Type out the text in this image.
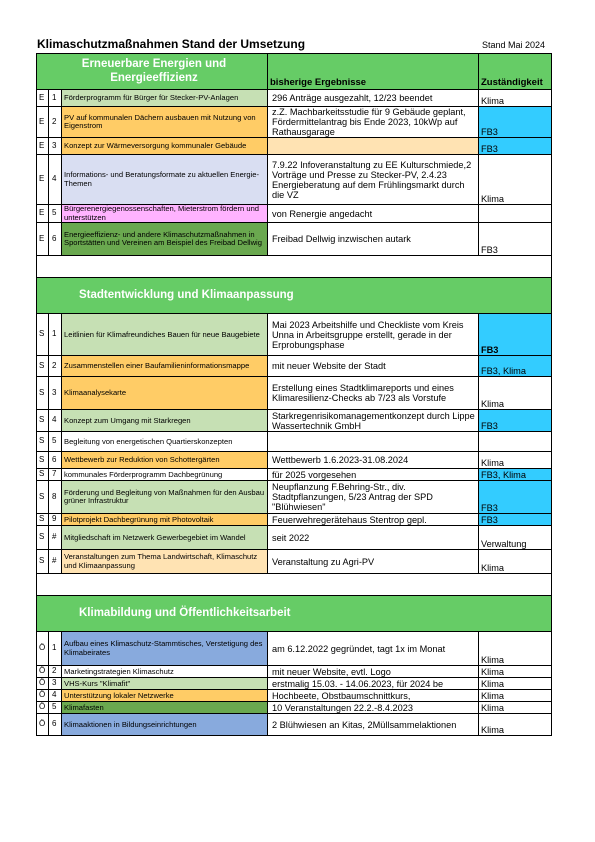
Klimaschutzmaßnahmen Stand der Umsetzung	Stand Mai 2024
Erneuerbare Energien und Energieeffizienz			bisherige Ergebnisse	Zuständigkeit
E	1	Förderprogramm für Bürger für Stecker-PV-Anlagen	296 Anträge ausgezahlt, 12/23 beendet	Klima
E	2	PV auf kommunalen Dächern ausbauen mit Nutzung von Eigenstrom	z.Z. Machbarkeitsstudie für 9 Gebäude geplant, Fördermittelantrag bis Ende 2023, 10kWp auf Rathausgarage	FB3
E	3	Konzept zur Wärmeversorgung kommunaler Gebäude		FB3
E	4	Informations- und Beratungsformate zu aktuellen Energie-Themen	7.9.22 Infoveranstaltung zu EE Kulturschmiede,2 Vorträge und Presse zu Stecker-PV, 2.4.23 Energieberatung auf dem Frühlingsmarkt durch die VZ	Klima
E	5	Bürgerenergiegenossenschaften, Mieterstrom fördern und unterstützen	von Renergie angedacht	
E	6	Energieeffizienz- und andere Klimaschutzmaßnahmen in Sportstätten und Vereinen am Beispiel des Freibad Dellwig	Freibad Dellwig inzwischen autark	FB3

Stadtentwicklung und Klimaanpassung				
S	1	Leitlinien für Klimafreundiches Bauen für neue Baugebiete	Mai 2023 Arbeitshilfe und Checkliste vom Kreis Unna in Arbeitsgruppe erstellt, gerade in der Erprobungsphase	FB3
S	2	Zusammenstellen einer Baufamilieninformationsmappe	mit neuer Website der Stadt	FB3, Klima
S	3	Klimaanalysekarte	Erstellung eines Stadtklimareports und eines Klimaresilienz-Checks ab 7/23 als Vorstufe	Klima
S	4	Konzept zum Umgang mit Starkregen	Starkregenrisikomanagementkonzept durch Lippe Wassertechnik GmbH	FB3
S	5	Begleitung von energetischen Quartierskonzepten		
S	6	Wettbewerb zur Reduktion von Schottergärten	Wettbewerb 1.6.2023-31.08.2024	Klima
S	7	kommunales Förderprogramm Dachbegrünung	für 2025 vorgesehen	FB3, Klima
S	8	Förderung und Begleitung von Maßnahmen für den Ausbau grüner Infrastruktur	Neupflanzung F.Behring-Str., div. Stadtpflanzungen, 5/23 Antrag der SPD "Blühwiesen"	FB3
S	9	Pilotprojekt Dachbegrünung mit Photovoltaik	Feuerwehregerätehaus Stentrop gepl.	FB3
S	#	Mitgliedschaft im Netzwerk Gewerbegebiet im Wandel	seit 2022	Verwaltung
S	#	Veranstaltungen zum Thema Landwirtschaft, Klimaschutz und Klimaanpassung	Veranstaltung zu Agri-PV	Klima

Klimabildung und Öffentlichkeitsarbeit				
Ö	1	Aufbau eines Klimaschutz-Stammtisches, Verstetigung des Klimabeirates	am 6.12.2022 gegründet, tagt 1x im Monat	Klima
Ö	2	Marketingstrategien Klimaschutz	mit neuer Website, evtl. Logo	Klima
Ö	3	VHS-Kurs "Klimafit"	erstmalig 15.03. - 14.06.2023, für 2024 be	Klima
Ö	4	Unterstützung lokaler Netzwerke	Hochbeete, Obstbaumschnittkurs,	Klima
Ö	5	Klimafasten	10 Veranstaltungen 22.2.-8.4.2023	Klima
Ö	6	Klimaaktionen in Bildungseinrichtungen	2 Blühwiesen an Kitas, 2Müllsammelaktionen	Klima
